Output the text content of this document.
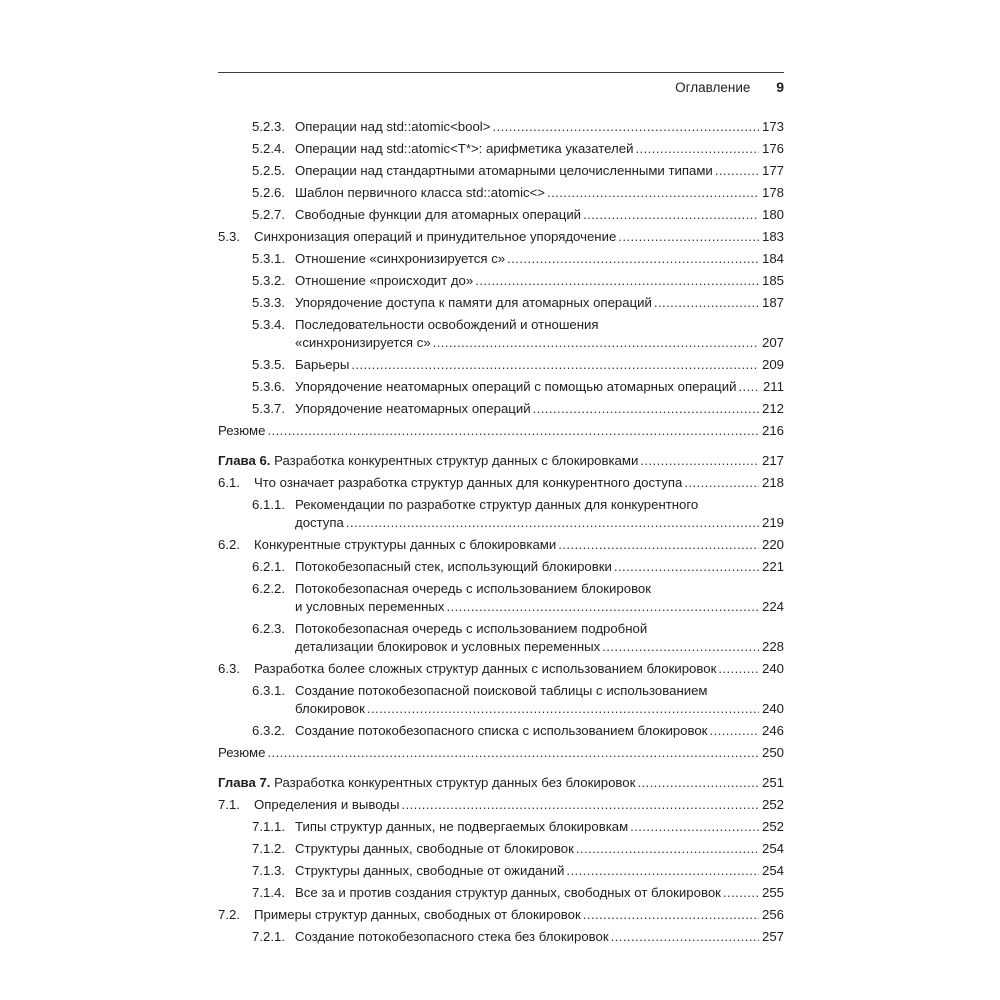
Оглавление 9
5.2.3. Операции над std::atomic<bool> .....	173
5.2.4. Операции над std::atomic<T*>: арифметика указателей .....	176
5.2.5. Операции над стандартными атомарными целочисленными типами .....	177
5.2.6. Шаблон первичного класса std::atomic<> .....	178
5.2.7. Свободные функции для атомарных операций .....	180
5.3. Синхронизация операций и принудительное упорядочение .....	183
5.3.1. Отношение «синхронизируется с» .....	184
5.3.2. Отношение «происходит до» .....	185
5.3.3. Упорядочение доступа к памяти для атомарных операций .....	187
5.3.4. Последовательности освобождений и отношения
«синхронизируется с» .....	207
5.3.5. Барьеры .....	209
5.3.6. Упорядочение неатомарных операций с помощью атомарных операций ..... 211
5.3.7. Упорядочение неатомарных операций .....	212
Резюме .....	216
Глава 6. Разработка конкурентных структур данных с блокировками .....	217
6.1. Что означает разработка структур данных для конкурентного доступа .....	218
6.1.1. Рекомендации по разработке структур данных для конкурентного
доступа .....	219
6.2. Конкурентные структуры данных с блокировками .....	220
6.2.1. Потокобезопасный стек, использующий блокировки .....	221
6.2.2. Потокобезопасная очередь с использованием блокировок
и условных переменных .....	224
6.2.3. Потокобезопасная очередь с использованием подробной
детализации блокировок и условных переменных .....	228
6.3. Разработка более сложных структур данных с использованием блокировок .....	240
6.3.1. Создание потокобезопасной поисковой таблицы с использованием
блокировок .....	240
6.3.2. Создание потокобезопасного списка с использованием блокировок .....	246
Резюме .....	250
Глава 7. Разработка конкурентных структур данных без блокировок .....	251
7.1. Определения и выводы .....	252
7.1.1. Типы структур данных, не подвергаемых блокировкам .....	252
7.1.2. Структуры данных, свободные от блокировок .....	254
7.1.3. Структуры данных, свободные от ожиданий .....	254
7.1.4. Все за и против создания структур данных, свободных от блокировок .....	255
7.2. Примеры структур данных, свободных от блокировок .....	256
7.2.1. Создание потокобезопасного стека без блокировок .....	257
